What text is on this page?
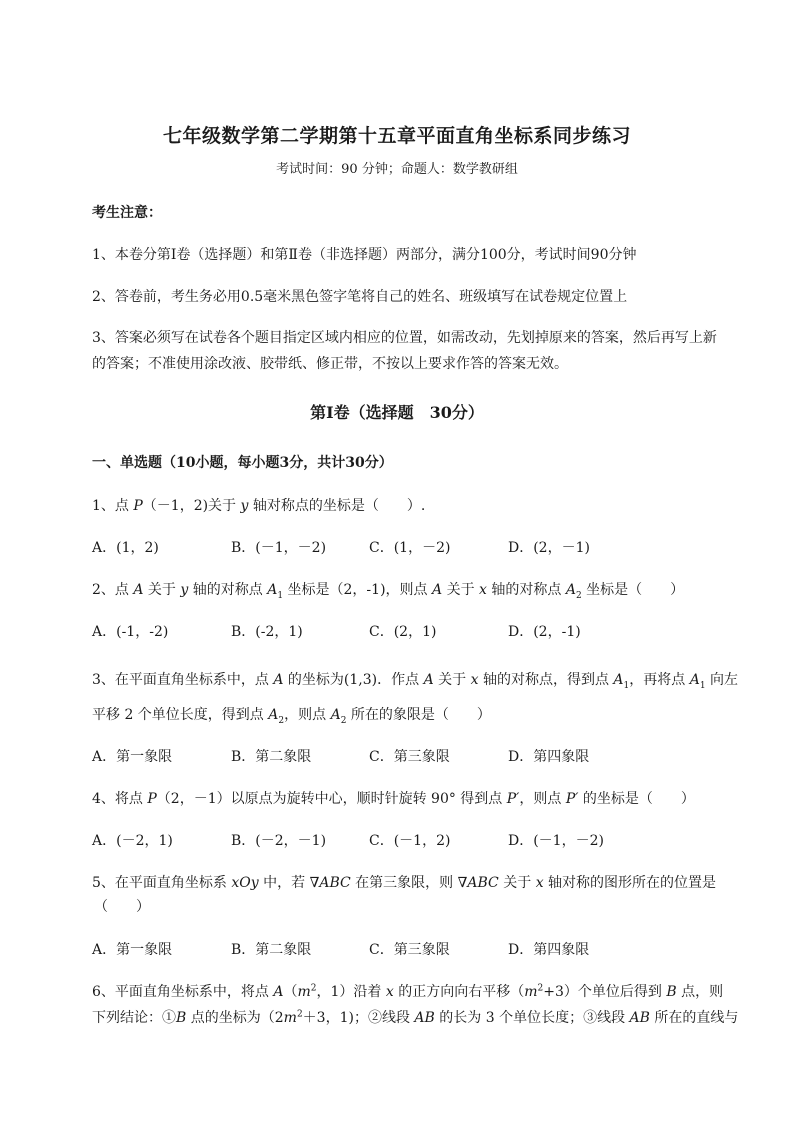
七年级数学第二学期第十五章平面直角坐标系同步练习
考试时间：90 分钟；命题人：数学教研组
考生注意：
1、本卷分第Ⅰ卷（选择题）和第Ⅱ卷（非选择题）两部分，满分100分，考试时间90分钟
2、答卷前，考生务必用0.5毫米黑色签字笔将自己的姓名、班级填写在试卷规定位置上
3、答案必须写在试卷各个题目指定区域内相应的位置，如需改动，先划掉原来的答案，然后再写上新
的答案；不准使用涂改液、胶带纸、修正带，不按以上要求作答的答案无效。
第Ⅰ卷（选择题　30分）
一、单选题（10小题，每小题3分，共计30分）
1、点 P（－1，2)关于 y 轴对称点的坐标是（　　）.
A．(1，2)	B．(－1，－2)	C．(1，－2)	D．(2，－1)
2、点 A 关于 y 轴的对称点 $A_1$ 坐标是（2，-1)，则点 A 关于 x 轴的对称点 $A_2$ 坐标是（　　）
A．(-1，-2)	B．(-2，1)	C．(2，1)	D．(2，-1)
3、在平面直角坐标系中，点 A 的坐标为(1,3)．作点 A 关于 x 轴的对称点，得到点 $A_1$，再将点 $A_1$ 向左
平移 2 个单位长度，得到点 $A_2$，则点 $A_2$ 所在的象限是（　　）
A．第一象限	B．第二象限	C．第三象限	D．第四象限
4、将点 P（2，－1）以原点为旋转中心，顺时针旋转 90° 得到点 P′，则点 P′ 的坐标是（　　）
A．(－2，1)	B．(－2，－1)	C．(－1，2)	D．(－1，－2)
5、在平面直角坐标系 xOy 中，若 ∇ABC 在第三象限，则 ∇ABC 关于 x 轴对称的图形所在的位置是
（　　）
A．第一象限	B．第二象限	C．第三象限	D．第四象限
6、平面直角坐标系中，将点 $A(m^2$，1）沿着 x 的正方向向右平移$(m^2+3)$个单位后得到 B 点，则
下列结论：①B 点的坐标为（$2m^2+3$，1)；②线段 AB 的长为 3 个单位长度；③线段 AB 所在的直线与
